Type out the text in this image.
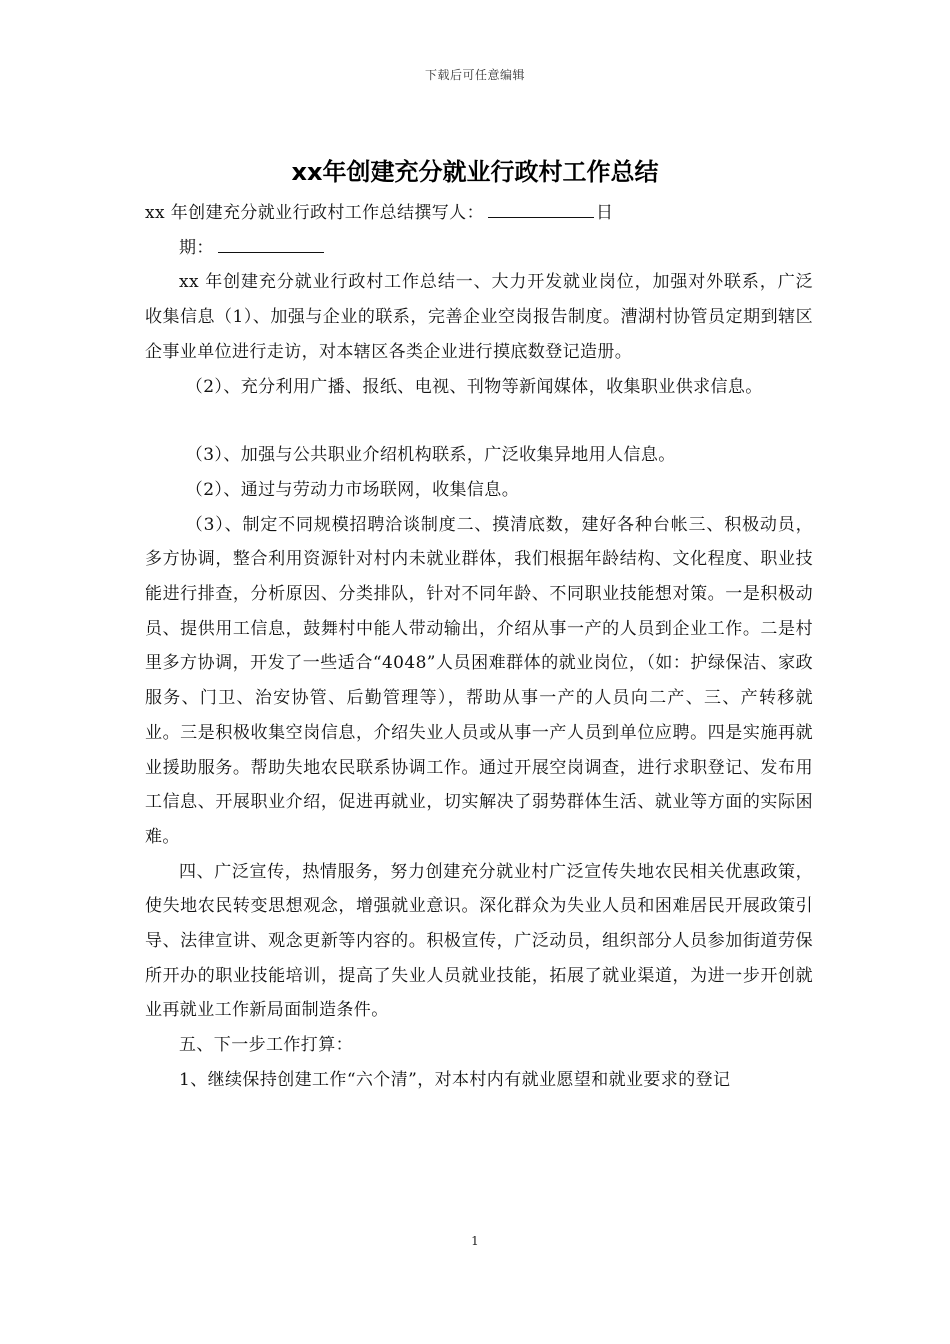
下载后可任意编辑
xx年创建充分就业行政村工作总结

xx 年创建充分就业行政村工作总结撰写人：	日

期：

xx 年创建充分就业行政村工作总结一、大力开发就业岗位，加强对外联系，广泛收集信息（1）、加强与企业的联系，完善企业空岗报告制度。漕湖村协管员定期到辖区企事业单位进行走访，对本辖区各类企业进行摸底数登记造册。

（2）、充分利用广播、报纸、电视、刊物等新闻媒体，收集职业供求信息。

（3）、加强与公共职业介绍机构联系，广泛收集异地用人信息。

（2）、通过与劳动力市场联网，收集信息。

（3）、制定不同规模招聘洽谈制度二、摸清底数，建好各种台帐三、积极动员，多方协调，整合利用资源针对村内未就业群体，我们根据年龄结构、文化程度、职业技能进行排查，分析原因、分类排队，针对不同年龄、不同职业技能想对策。一是积极动员、提供用工信息，鼓舞村中能人带动输出，介绍从事一产的人员到企业工作。二是村里多方协调，开发了一些适合“4048”人员困难群体的就业岗位，（如：护绿保洁、家政服务、门卫、治安协管、后勤管理等），帮助从事一产的人员向二产、三、产转移就业。三是积极收集空岗信息，介绍失业人员或从事一产人员到单位应聘。四是实施再就业援助服务。帮助失地农民联系协调工作。通过开展空岗调查，进行求职登记、发布用工信息、开展职业介绍，促进再就业，切实解决了弱势群体生活、就业等方面的实际困难。

四、广泛宣传，热情服务，努力创建充分就业村广泛宣传失地农民相关优惠政策，使失地农民转变思想观念，增强就业意识。深化群众为失业人员和困难居民开展政策引导、法律宣讲、观念更新等内容的。积极宣传，广泛动员，组织部分人员参加街道劳保所开办的职业技能培训，提高了失业人员就业技能，拓展了就业渠道，为进一步开创就业再就业工作新局面制造条件。

五、下一步工作打算：

1、继续保持创建工作“六个清”，对本村内有就业愿望和就业要求的登记

1
